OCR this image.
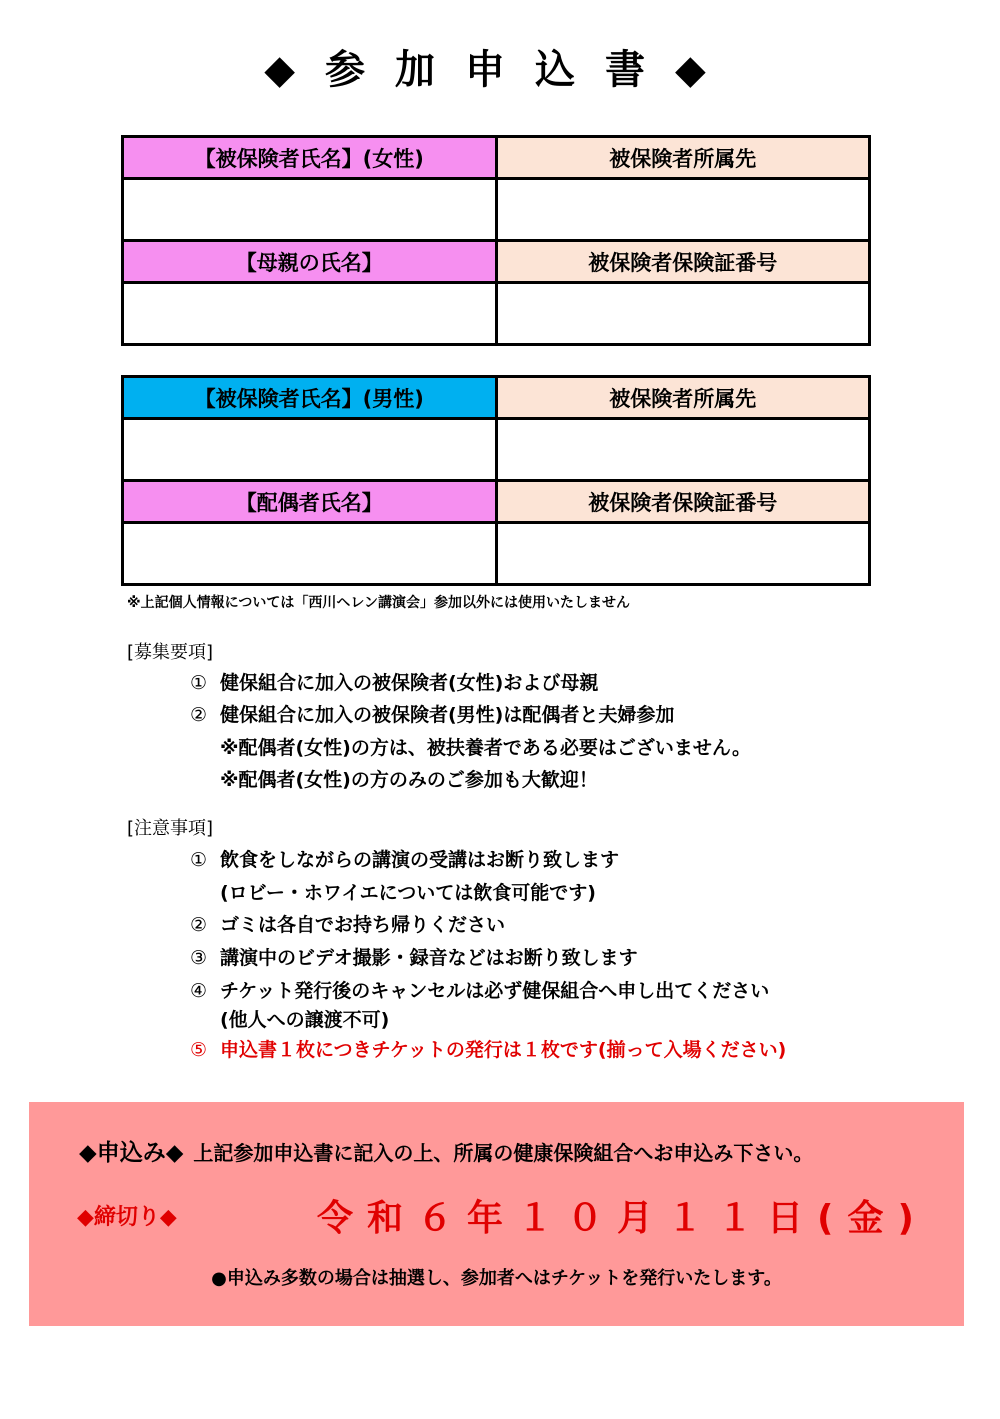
◆参加申込書◆
【被保険者氏名】(女性)	被保険者所属先

【母親の氏名】	被保険者保険証番号

【被保険者氏名】(男性)	被保険者所属先

【配偶者氏名】	被保険者保険証番号

※上記個人情報については「西川ヘレン講演会」参加以外には使用いたしません
[募集要項]
① 健保組合に加入の被保険者(女性)および母親
② 健保組合に加入の被保険者(男性)は配偶者と夫婦参加
※配偶者(女性)の方は、被扶養者である必要はございません。
※配偶者(女性)の方のみのご参加も大歓迎！
[注意事項]
① 飲食をしながらの講演の受講はお断り致します
(ロビー・ホワイエについては飲食可能です)
② ゴミは各自でお持ち帰りください
③ 講演中のビデオ撮影・録音などはお断り致します
④ チケット発行後のキャンセルは必ず健保組合へ申し出てください
(他人への譲渡不可)
⑤ 申込書１枚につきチケットの発行は１枚です(揃って入場ください)
◆申込み◆ 上記参加申込書に記入の上、所属の健康保険組合へお申込み下さい。
◆締切り◆	令和６年１０月１１日(金)
●申込み多数の場合は抽選し、参加者へはチケットを発行いたします。
